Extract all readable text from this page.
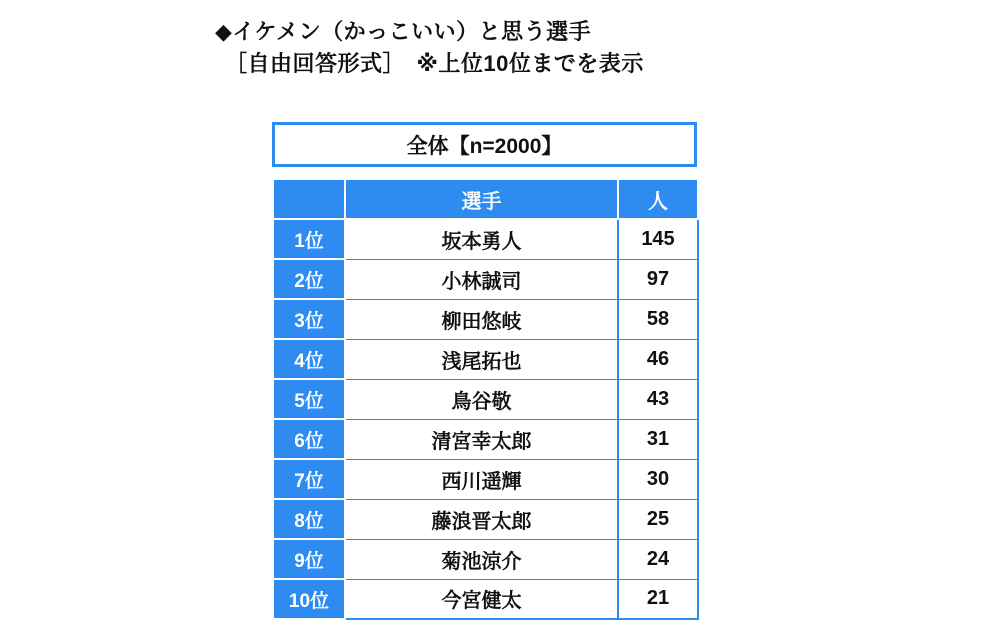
◆イケメン（かっこいい）と思う選手
［自由回答形式］　※上位10位までを表示
全体【n=2000】
	選手	人
1位	坂本勇人	145
2位	小林誠司	97
3位	柳田悠岐	58
4位	浅尾拓也	46
5位	鳥谷敬	43
6位	清宮幸太郎	31
7位	西川遥輝	30
8位	藤浪晋太郎	25
9位	菊池涼介	24
10位	今宮健太	21
